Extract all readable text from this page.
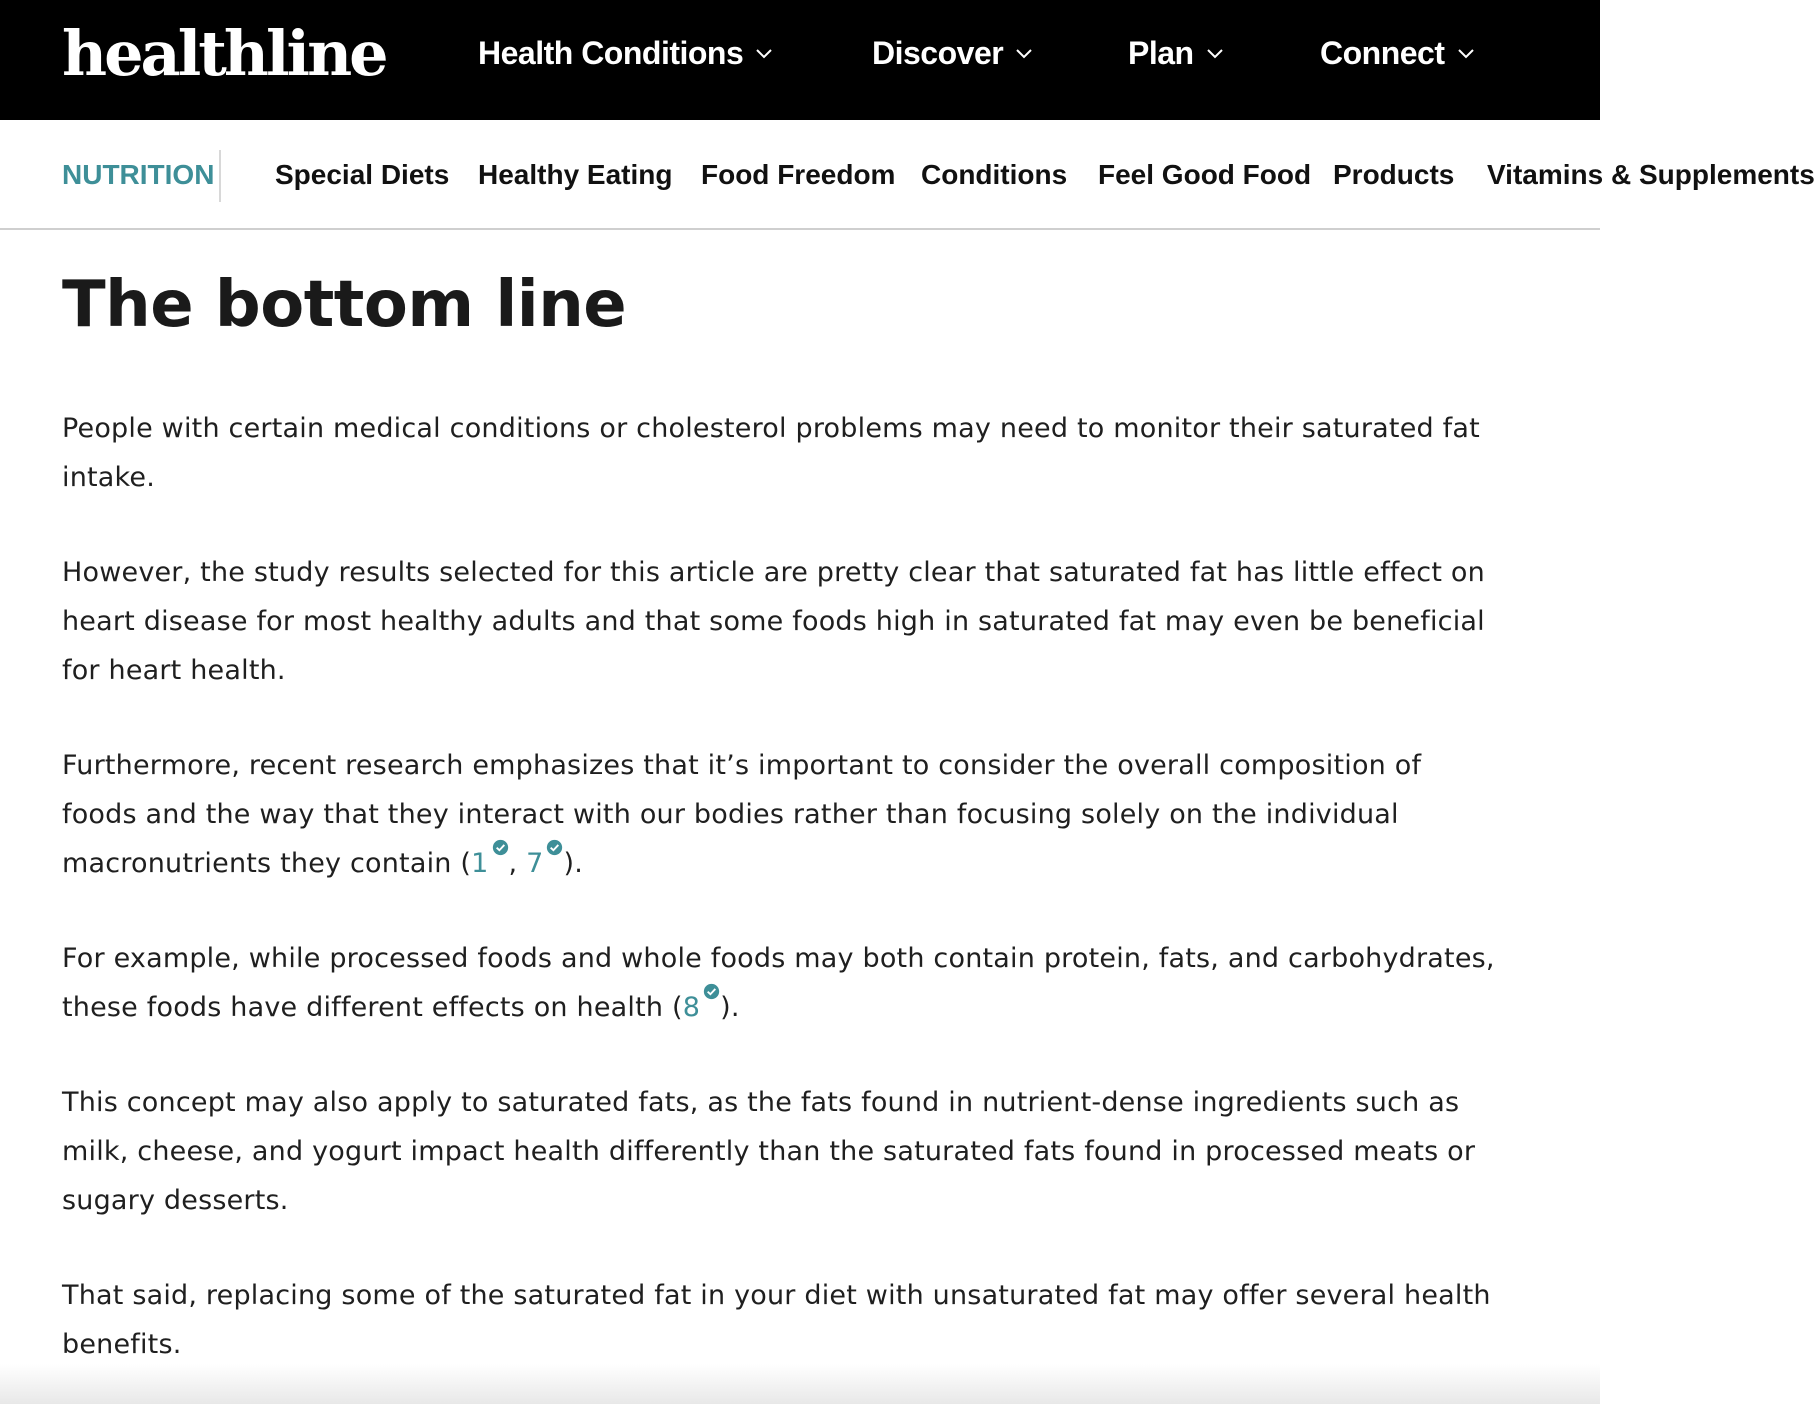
healthline	Health Conditions	Discover	Plan	Connect
NUTRITION Special Diets Healthy Eating Food Freedom Conditions Feel Good Food Products Vitamins & Supplements
The bottom line

People with certain medical conditions or cholesterol problems may need to monitor their saturated fat intake.

However, the study results selected for this article are pretty clear that saturated fat has little effect on heart disease for most healthy adults and that some foods high in saturated fat may even be beneficial for heart health.

Furthermore, recent research emphasizes that it’s important to consider the overall composition of foods and the way that they interact with our bodies rather than focusing solely on the individual macronutrients they contain (1 , 7 ).

For example, while processed foods and whole foods may both contain protein, fats, and carbohydrates, these foods have different effects on health (8 ).

This concept may also apply to saturated fats, as the fats found in nutrient-dense ingredients such as milk, cheese, and yogurt impact health differently than the saturated fats found in processed meats or sugary desserts.

That said, replacing some of the saturated fat in your diet with unsaturated fat may offer several health benefits.
